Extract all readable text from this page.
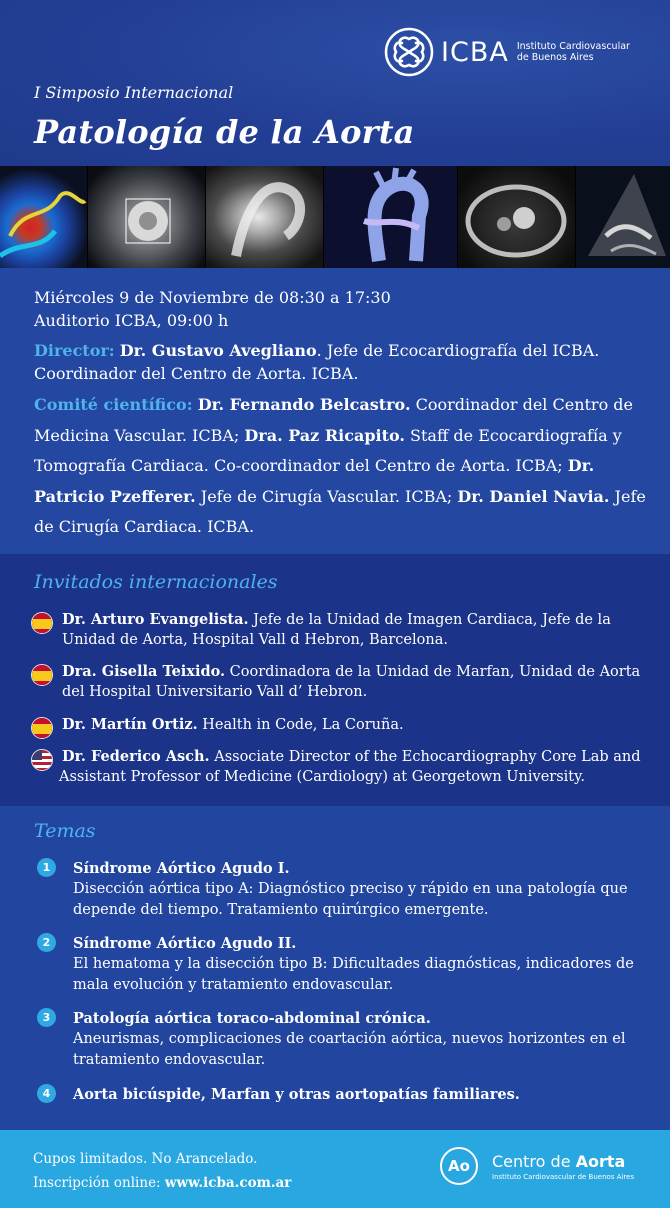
ICBA Instituto Cardiovascular
de Buenos Aires
I Simposio Internacional
Patología de la Aorta

Miércoles 9 de Noviembre de 08:30 a 17:30
Auditorio ICBA, 09:00 h

Director: Dr. Gustavo Avegliano. Jefe de Ecocardiografía del ICBA. Coordinador del Centro de Aorta. ICBA.

Comité científico: Dr. Fernando Belcastro. Coordinador del Centro de Medicina Vascular. ICBA; Dra. Paz Ricapito. Staff de Ecocardiografía y Tomografía Cardiaca. Co-coordinador del Centro de Aorta. ICBA; Dr. Patricio Pzefferer. Jefe de Cirugía Vascular. ICBA; Dr. Daniel Navia. Jefe de Cirugía Cardiaca. ICBA.

Invitados internacionales
Dr. Arturo Evangelista. Jefe de la Unidad de Imagen Cardiaca, Jefe de la Unidad de Aorta, Hospital Vall d Hebron, Barcelona.
Dra. Gisella Teixido. Coordinadora de la Unidad de Marfan, Unidad de Aorta del Hospital Universitario Vall d’ Hebron.
Dr. Martín Ortiz. Health in Code, La Coruña.
Dr. Federico Asch. Associate Director of the Echocardiography Core Lab and Assistant Professor of Medicine (Cardiology) at Georgetown University.
Temas
1	Síndrome Aórtico Agudo I.
Disección aórtica tipo A: Diagnóstico preciso y rápido en una patología que depende del tiempo. Tratamiento quirúrgico emergente.
2	Síndrome Aórtico Agudo II.
El hematoma y la disección tipo B: Dificultades diagnósticas, indicadores de mala evolución y tratamiento endovascular.
3	Patología aórtica toraco-abdominal crónica.
Aneurismas, complicaciones de coartación aórtica, nuevos horizontes en el tratamiento endovascular.
4	Aorta bicúspide, Marfan y otras aortopatías familiares.
Cupos limitados. No Arancelado.
Inscripción online: www.icba.com.ar
Ao	Centro de Aorta
Instituto Cardiovascular de Buenos Aires
